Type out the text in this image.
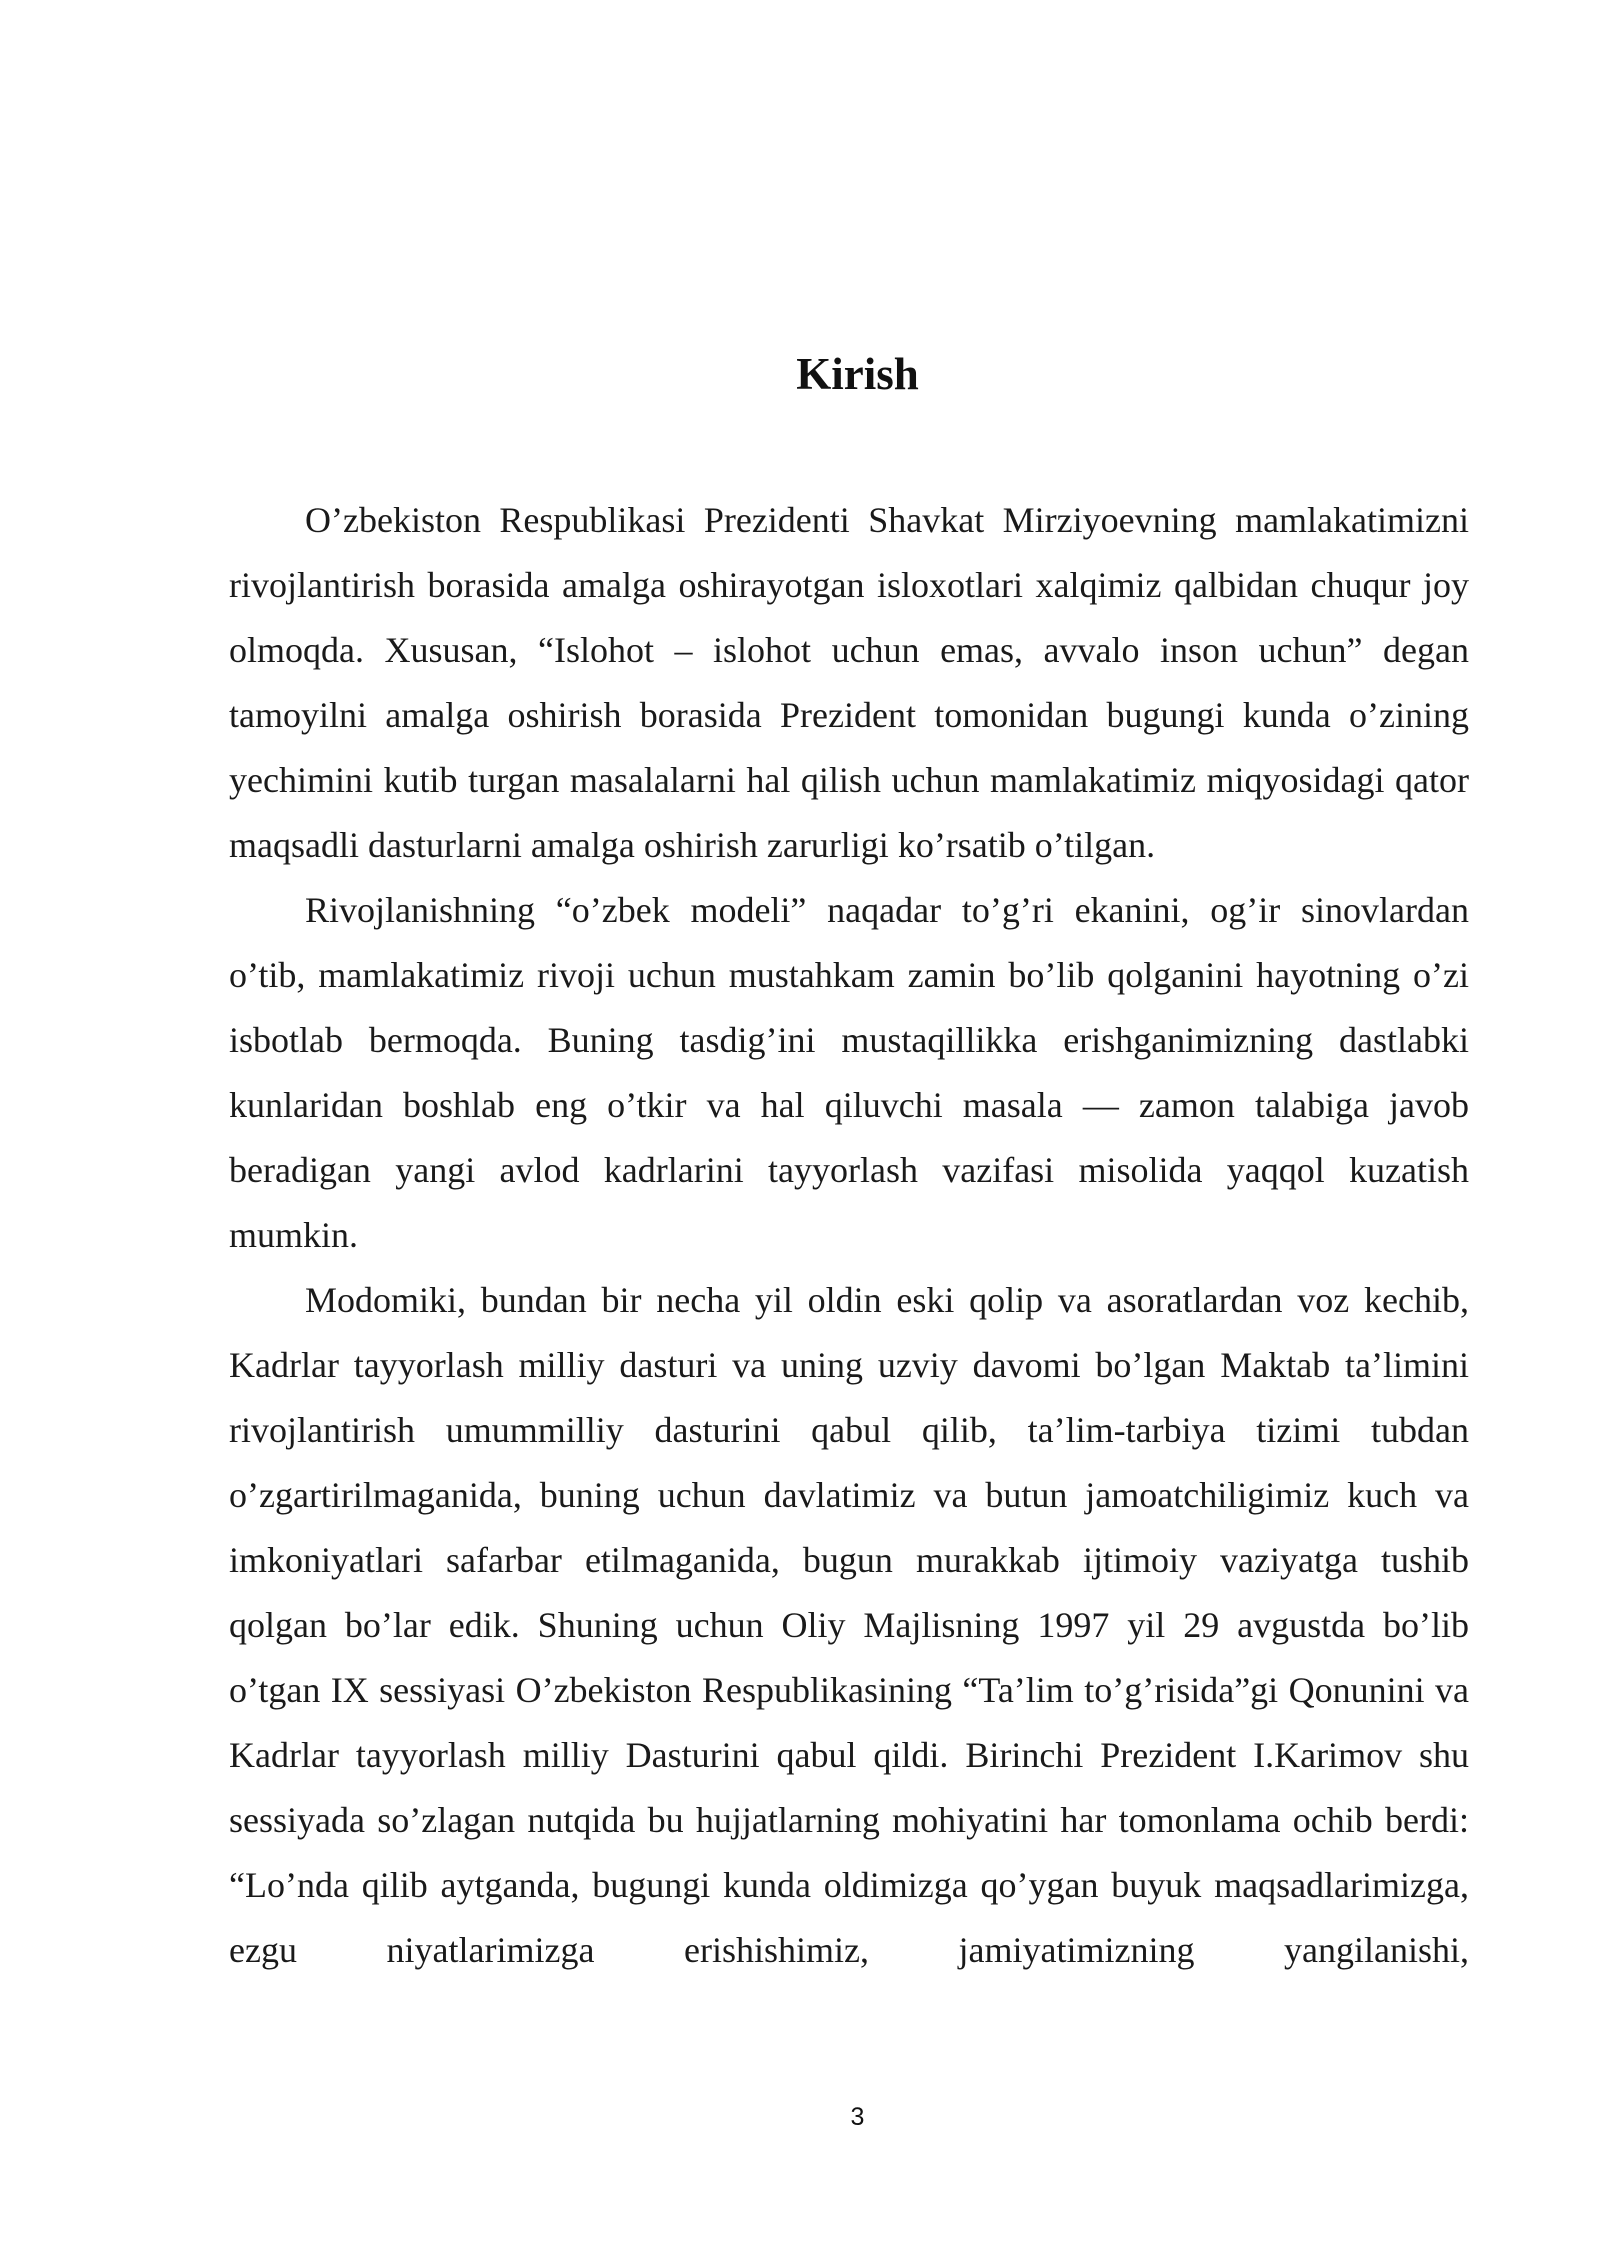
Kirish

O’zbekiston Respublikasi Prezidenti Shavkat Mirziyoevning mamlakatimizni rivojlantirish borasida amalga oshirayotgan isloxotlari xalqimiz qalbidan chuqur joy olmoqda. Xususan, “Islohot – islohot uchun emas, avvalo inson uchun” degan tamoyilni amalga oshirish borasida Prezident tomonidan bugungi kunda o’zining yechimini kutib turgan masalalarni hal qilish uchun mamlakatimiz miqyosidagi qator maqsadli dasturlarni amalga oshirish zarurligi ko’rsatib o’tilgan.

Rivojlanishning “o’zbek modeli” naqadar to’g’ri ekanini, og’ir sinovlardan o’tib, mamlakatimiz rivoji uchun mustahkam zamin bo’lib qolganini hayotning o’zi isbotlab bermoqda. Buning tasdig’ini mustaqillikka erishganimizning dastlabki kunlaridan boshlab eng o’tkir va hal qiluvchi masala — zamon talabiga javob beradigan yangi avlod kadrlarini tayyorlash vazifasi misolida yaqqol kuzatish mumkin.

Modomiki, bundan bir necha yil oldin eski qolip va asoratlardan voz kechib, Kadrlar tayyorlash milliy dasturi va uning uzviy davomi bo’lgan Maktab ta’limini rivojlantirish umummilliy dasturini qabul qilib, ta’lim-tarbiya tizimi tubdan o’zgartirilmaganida, buning uchun davlatimiz va butun jamoatchiligimiz kuch va imkoniyatlari safarbar etilmaganida, bugun murakkab ijtimoiy vaziyatga tushib qolgan bo’lar edik. Shuning uchun Oliy Majlisning 1997 yil 29 avgustda bo’lib o’tgan IX sessiyasi O’zbekiston Respublikasining “Ta’lim to’g’risida”gi Qonunini va Kadrlar tayyorlash milliy Dasturini qabul qildi. Birinchi Prezident I.Karimov shu sessiyada so’zlagan nutqida bu hujjatlarning mohiyatini har tomonlama ochib berdi: “Lo’nda qilib aytganda, bugungi kunda oldimizga qo’ygan buyuk maqsadlarimizga, ezgu niyatlarimizga erishishimiz, jamiyatimizning yangilanishi,

3
